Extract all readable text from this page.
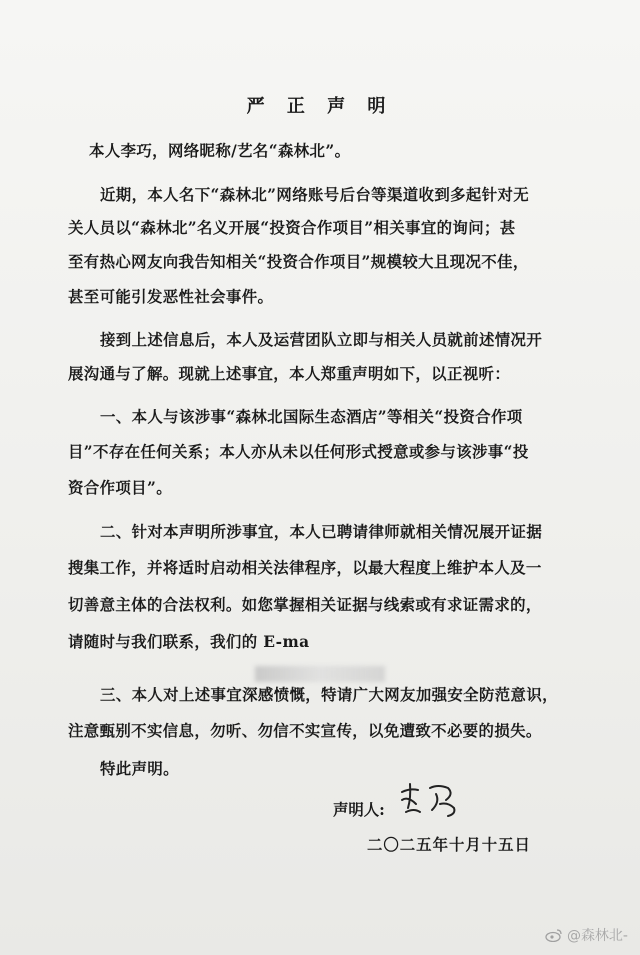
严 正 声 明
本人李巧，网络昵称/艺名“森林北”。
近期，本人名下“森林北”网络账号后台等渠道收到多起针对无
关人员以“森林北”名义开展“投资合作项目”相关事宜的询问；甚
至有热心网友向我告知相关“投资合作项目”规模较大且现况不佳，
甚至可能引发恶性社会事件。
接到上述信息后，本人及运营团队立即与相关人员就前述情况开
展沟通与了解。现就上述事宜，本人郑重声明如下，以正视听：
一、本人与该涉事“森林北国际生态酒店”等相关“投资合作项
目”不存在任何关系；本人亦从未以任何形式授意或参与该涉事“投
资合作项目”。
二、针对本声明所涉事宜，本人已聘请律师就相关情况展开证据
搜集工作，并将适时启动相关法律程序，以最大程度上维护本人及一
切善意主体的合法权利。如您掌握相关证据与线索或有求证需求的，
请随时与我们联系，我们的 E-ma
三、本人对上述事宜深感愤慨，特请广大网友加强安全防范意识，
注意甄别不实信息，勿听、勿信不实宣传，以免遭致不必要的损失。
特此声明。
声明人:
二〇二五年十月十五日
@森林北-
